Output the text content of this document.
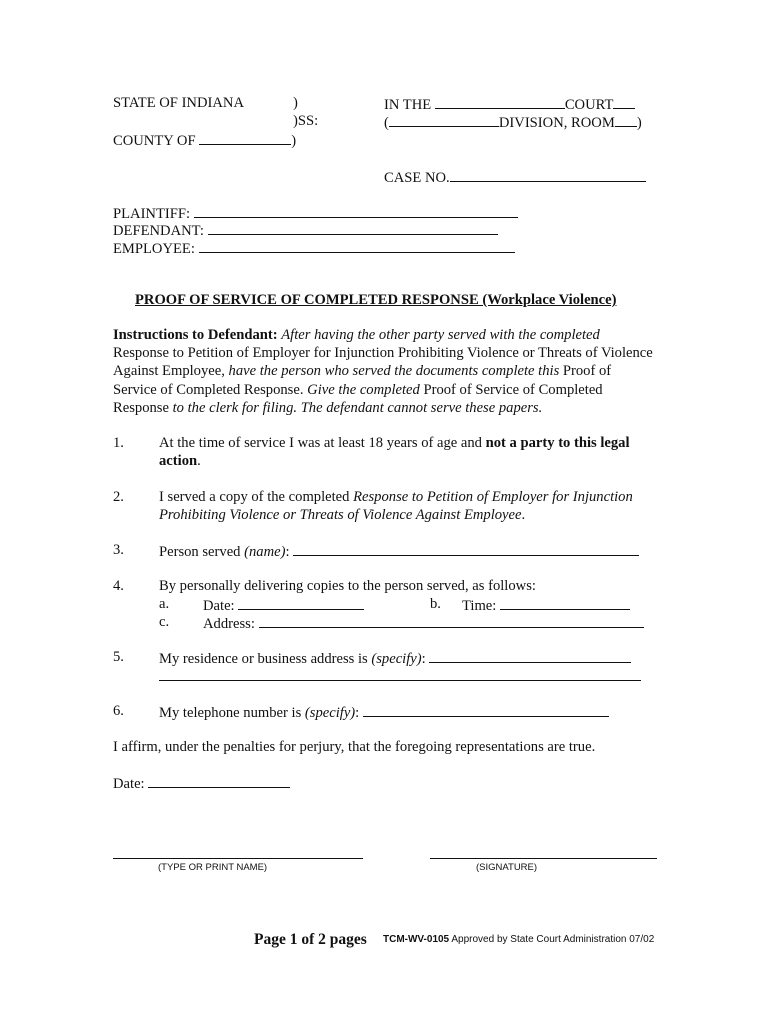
STATE OF INDIANA	)
)SS:
COUNTY OF	)
IN THE	COURT
(	DIVISION, ROOM )
CASE NO.
PLAINTIFF:
DEFENDANT:
EMPLOYEE:
PROOF OF SERVICE OF COMPLETED RESPONSE (Workplace Violence)
Instructions to Defendant: After having the other party served with the completed Response to Petition of Employer for Injunction Prohibiting Violence or Threats of Violence Against Employee, have the person who served the documents complete this Proof of Service of Completed Response. Give the completed Proof of Service of Completed Response to the clerk for filing. The defendant cannot serve these papers.
1. At the time of service I was at least 18 years of age and not a party to this legal action.
2. I served a copy of the completed Response to Petition of Employer for Injunction Prohibiting Violence or Threats of Violence Against Employee.
3. Person served (name):
4. By personally delivering copies to the person served, as follows:
a. Date:	b. Time:
c. Address:
5. My residence or business address is (specify):
6. My telephone number is (specify):
I affirm, under the penalties for perjury, that the foregoing representations are true.
Date:
(TYPE OR PRINT NAME)	(SIGNATURE)
Page 1 of 2 pages TCM-WV-0105 Approved by State Court Administration 07/02
